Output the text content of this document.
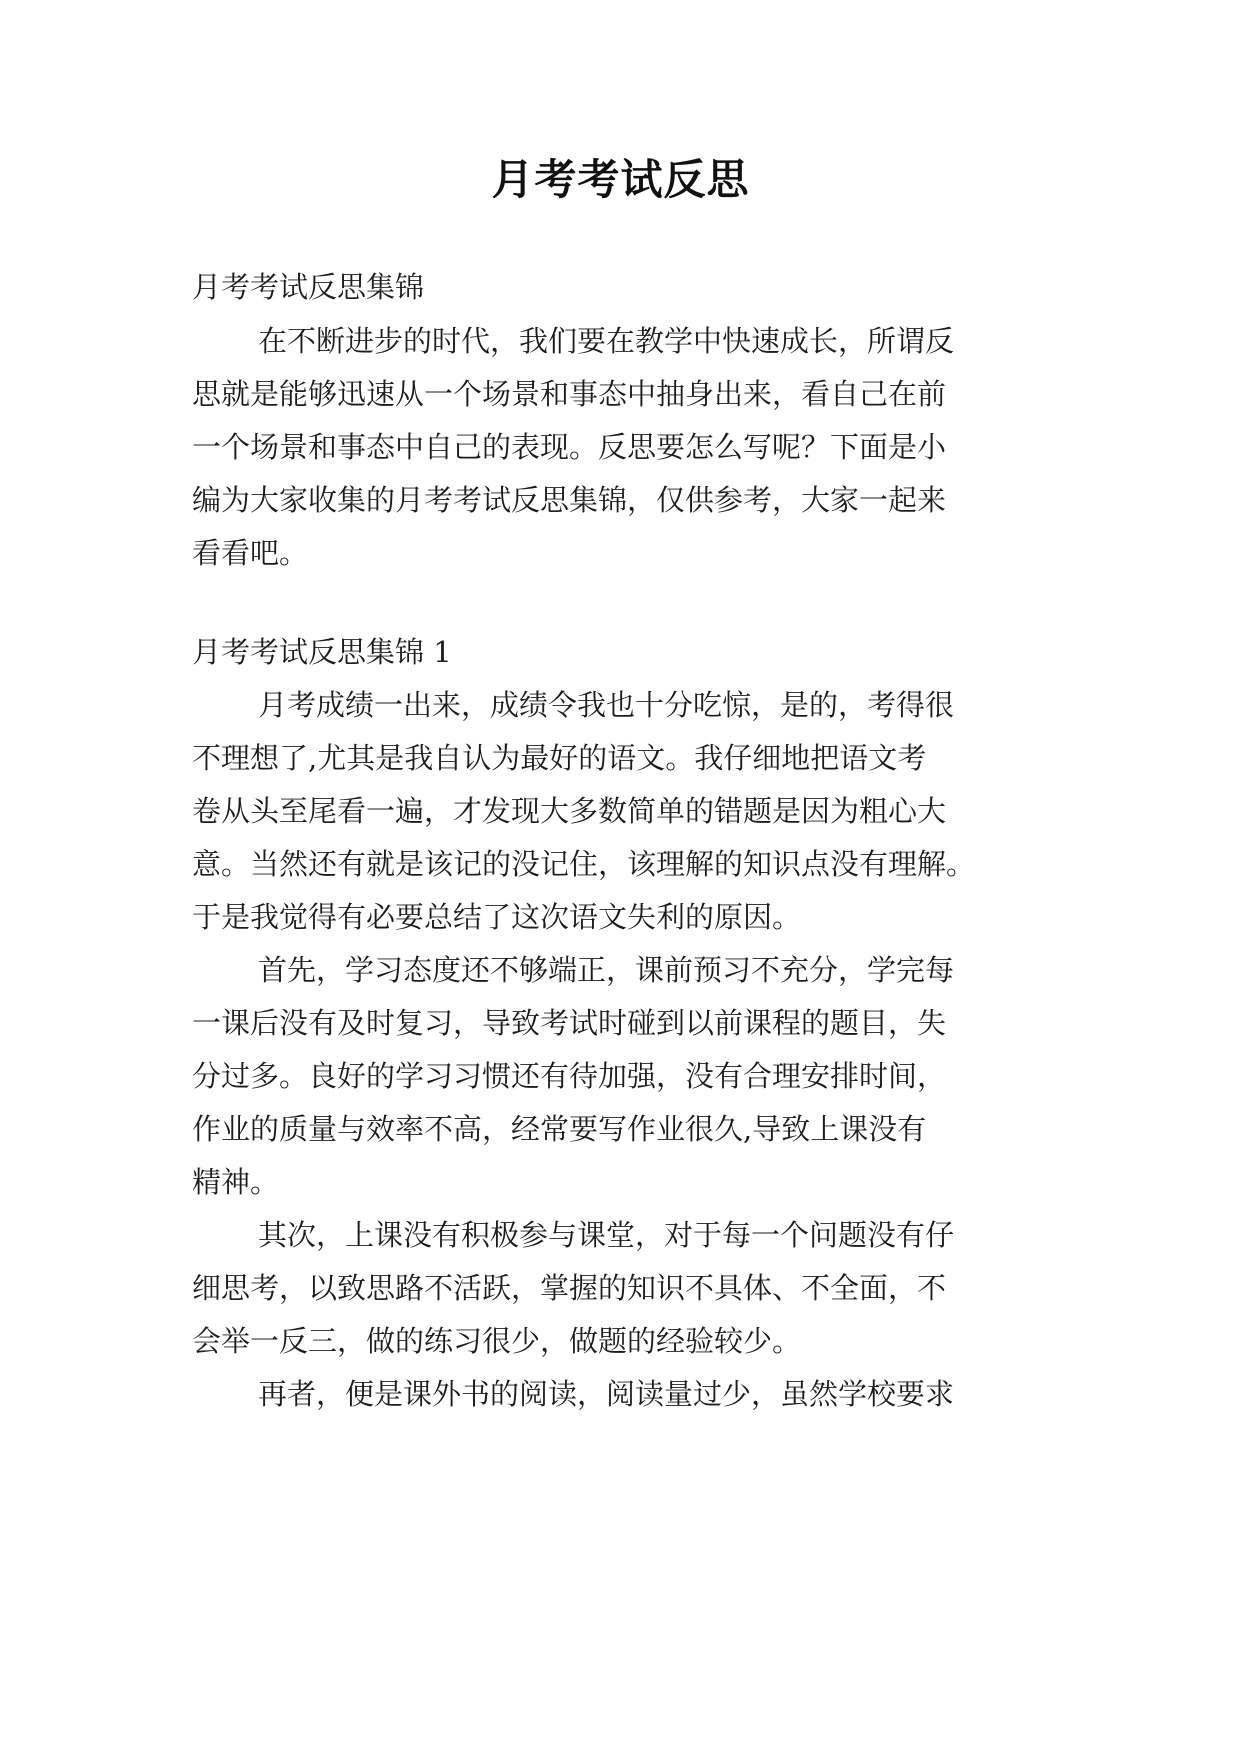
月考考试反思
月考考试反思集锦
在不断进步的时代，我们要在教学中快速成长，所谓反
思就是能够迅速从一个场景和事态中抽身出来，看自己在前
一个场景和事态中自己的表现。反思要怎么写呢？下面是小
编为大家收集的月考考试反思集锦，仅供参考，大家一起来
看看吧。
月考考试反思集锦 1
月考成绩一出来，成绩令我也十分吃惊，是的，考得很
不理想了,尤其是我自认为最好的语文。我仔细地把语文考
卷从头至尾看一遍，才发现大多数简单的错题是因为粗心大
意。当然还有就是该记的没记住，该理解的知识点没有理解。
于是我觉得有必要总结了这次语文失利的原因。
首先，学习态度还不够端正，课前预习不充分，学完每
一课后没有及时复习，导致考试时碰到以前课程的题目，失
分过多。良好的学习习惯还有待加强，没有合理安排时间，
作业的质量与效率不高，经常要写作业很久,导致上课没有
精神。
其次，上课没有积极参与课堂，对于每一个问题没有仔
细思考，以致思路不活跃，掌握的知识不具体、不全面，不
会举一反三，做的练习很少，做题的经验较少。
再者，便是课外书的阅读，阅读量过少，虽然学校要求
